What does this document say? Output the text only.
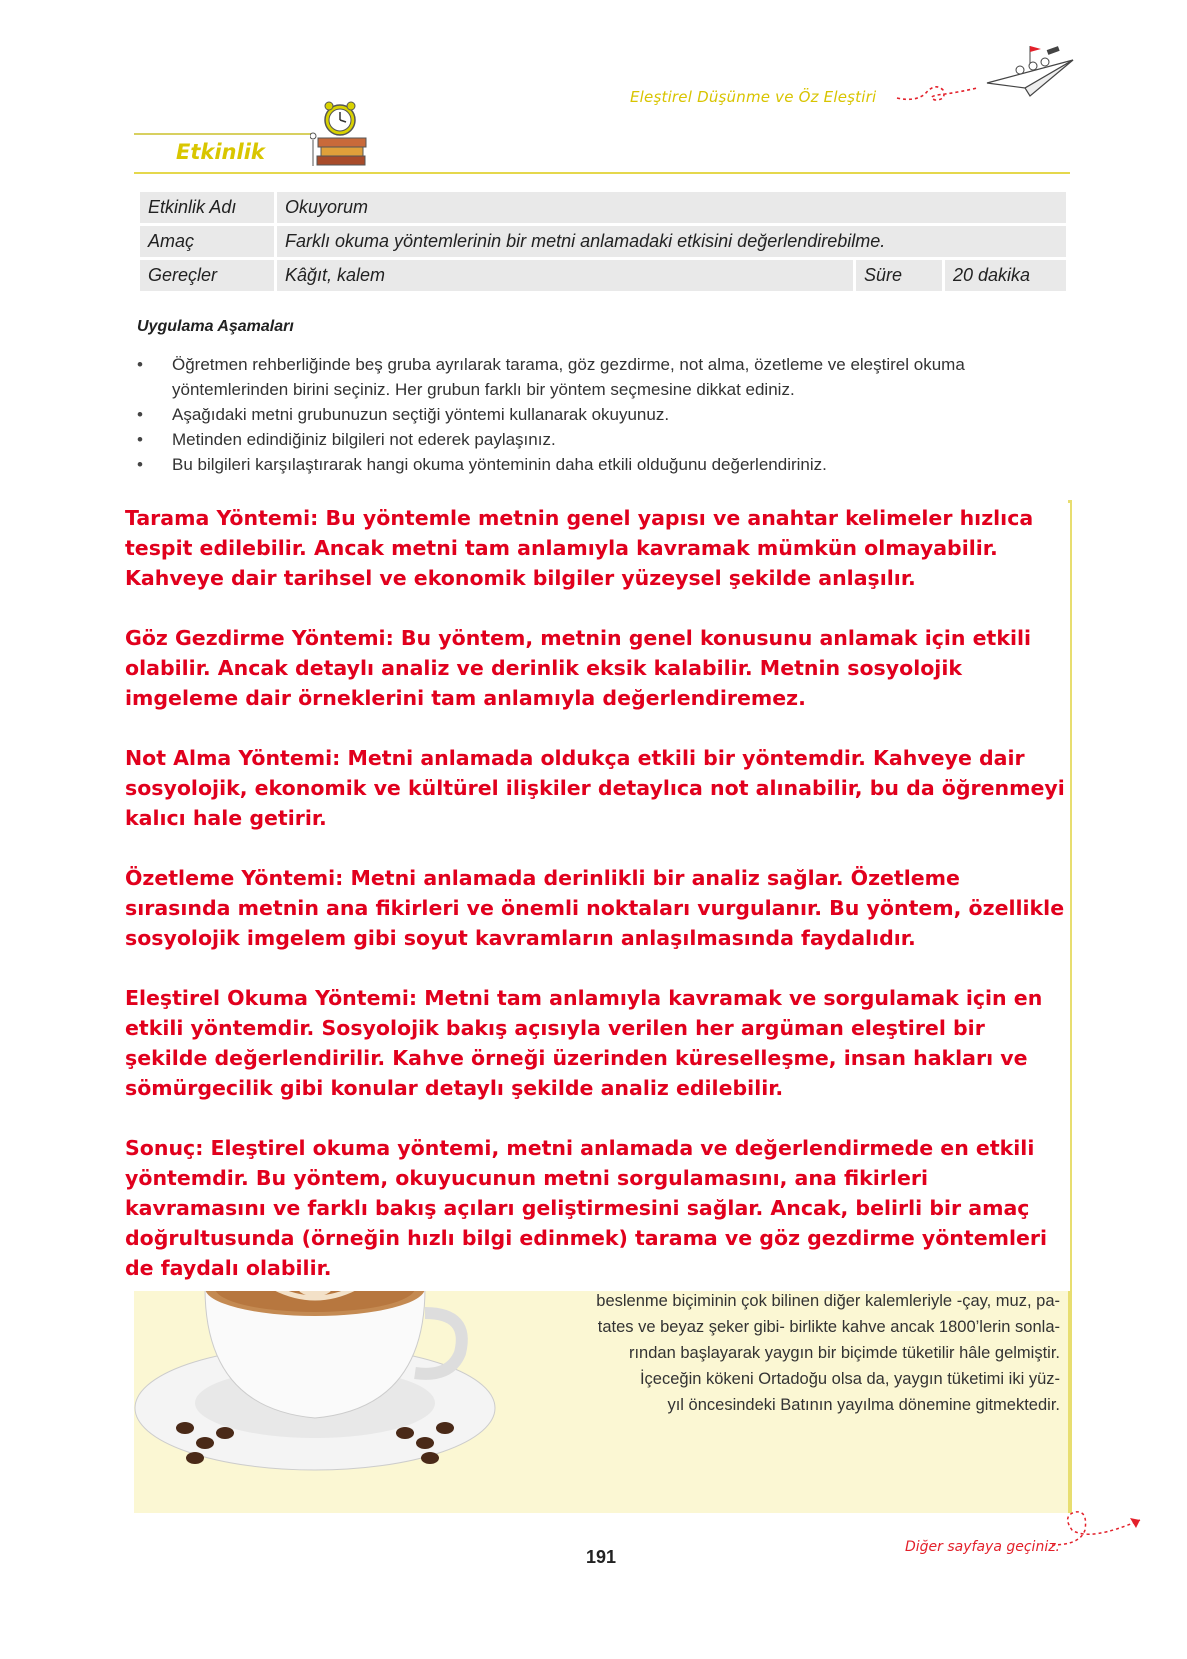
Eleştirel Düşünme ve Öz Eleştiri
Etkinlik
Etkinlik Adı	Okuyorum		
Amaç	Farklı okuma yöntemlerinin bir metni anlamadaki etkisini değerlendirebilme.		
Gereçler	Kâğıt, kalem	Süre	20 dakika
Uygulama Aşamaları
• Öğretmen rehberliğinde beş gruba ayrılarak tarama, göz gezdirme, not alma, özetleme ve eleştirel okuma yöntemlerinden birini seçiniz. Her grubun farklı bir yöntem seçmesine dikkat ediniz.
• Aşağıdaki metni grubunuzun seçtiği yöntemi kullanarak okuyunuz.
• Metinden edindiğiniz bilgileri not ederek paylaşınız.
• Bu bilgileri karşılaştırarak hangi okuma yönteminin daha etkili olduğunu değerlendiriniz.
beslenme biçiminin çok bilinen diğer kalemleriyle -çay, muz, pa-
tates ve beyaz şeker gibi- birlikte kahve ancak 1800’lerin sonla-
rından başlayarak yaygın bir biçimde tüketilir hâle gelmiştir.
İçeceğin kökeni Ortadoğu olsa da, yaygın tüketimi iki yüz-
yıl öncesindeki Batının yayılma dönemine gitmektedir.

Tarama Yöntemi: Bu yöntemle metnin genel yapısı ve anahtar kelimeler hızlıca tespit edilebilir. Ancak metni tam anlamıyla kavramak mümkün olmayabilir. Kahveye dair tarihsel ve ekonomik bilgiler yüzeysel şekilde anlaşılır.

Göz Gezdirme Yöntemi: Bu yöntem, metnin genel konusunu anlamak için etkili olabilir. Ancak detaylı analiz ve derinlik eksik kalabilir. Metnin sosyolojik imgeleme dair örneklerini tam anlamıyla değerlendiremez.

Not Alma Yöntemi: Metni anlamada oldukça etkili bir yöntemdir. Kahveye dair sosyolojik, ekonomik ve kültürel ilişkiler detaylıca not alınabilir, bu da öğrenmeyi kalıcı hale getirir.

Özetleme Yöntemi: Metni anlamada derinlikli bir analiz sağlar. Özetleme sırasında metnin ana fikirleri ve önemli noktaları vurgulanır. Bu yöntem, özellikle sosyolojik imgelem gibi soyut kavramların anlaşılmasında faydalıdır.

Eleştirel Okuma Yöntemi: Metni tam anlamıyla kavramak ve sorgulamak için en etkili yöntemdir. Sosyolojik bakış açısıyla verilen her argüman eleştirel bir şekilde değerlendirilir. Kahve örneği üzerinden küreselleşme, insan hakları ve sömürgecilik gibi konular detaylı şekilde analiz edilebilir.

Sonuç: Eleştirel okuma yöntemi, metni anlamada ve değerlendirmede en etkili yöntemdir. Bu yöntem, okuyucunun metni sorgulamasını, ana fikirleri kavramasını ve farklı bakış açıları geliştirmesini sağlar. Ancak, belirli bir amaç doğrultusunda (örneğin hızlı bilgi edinmek) tarama ve göz gezdirme yöntemleri de faydalı olabilir.

191	Diğer sayfaya geçiniz.
